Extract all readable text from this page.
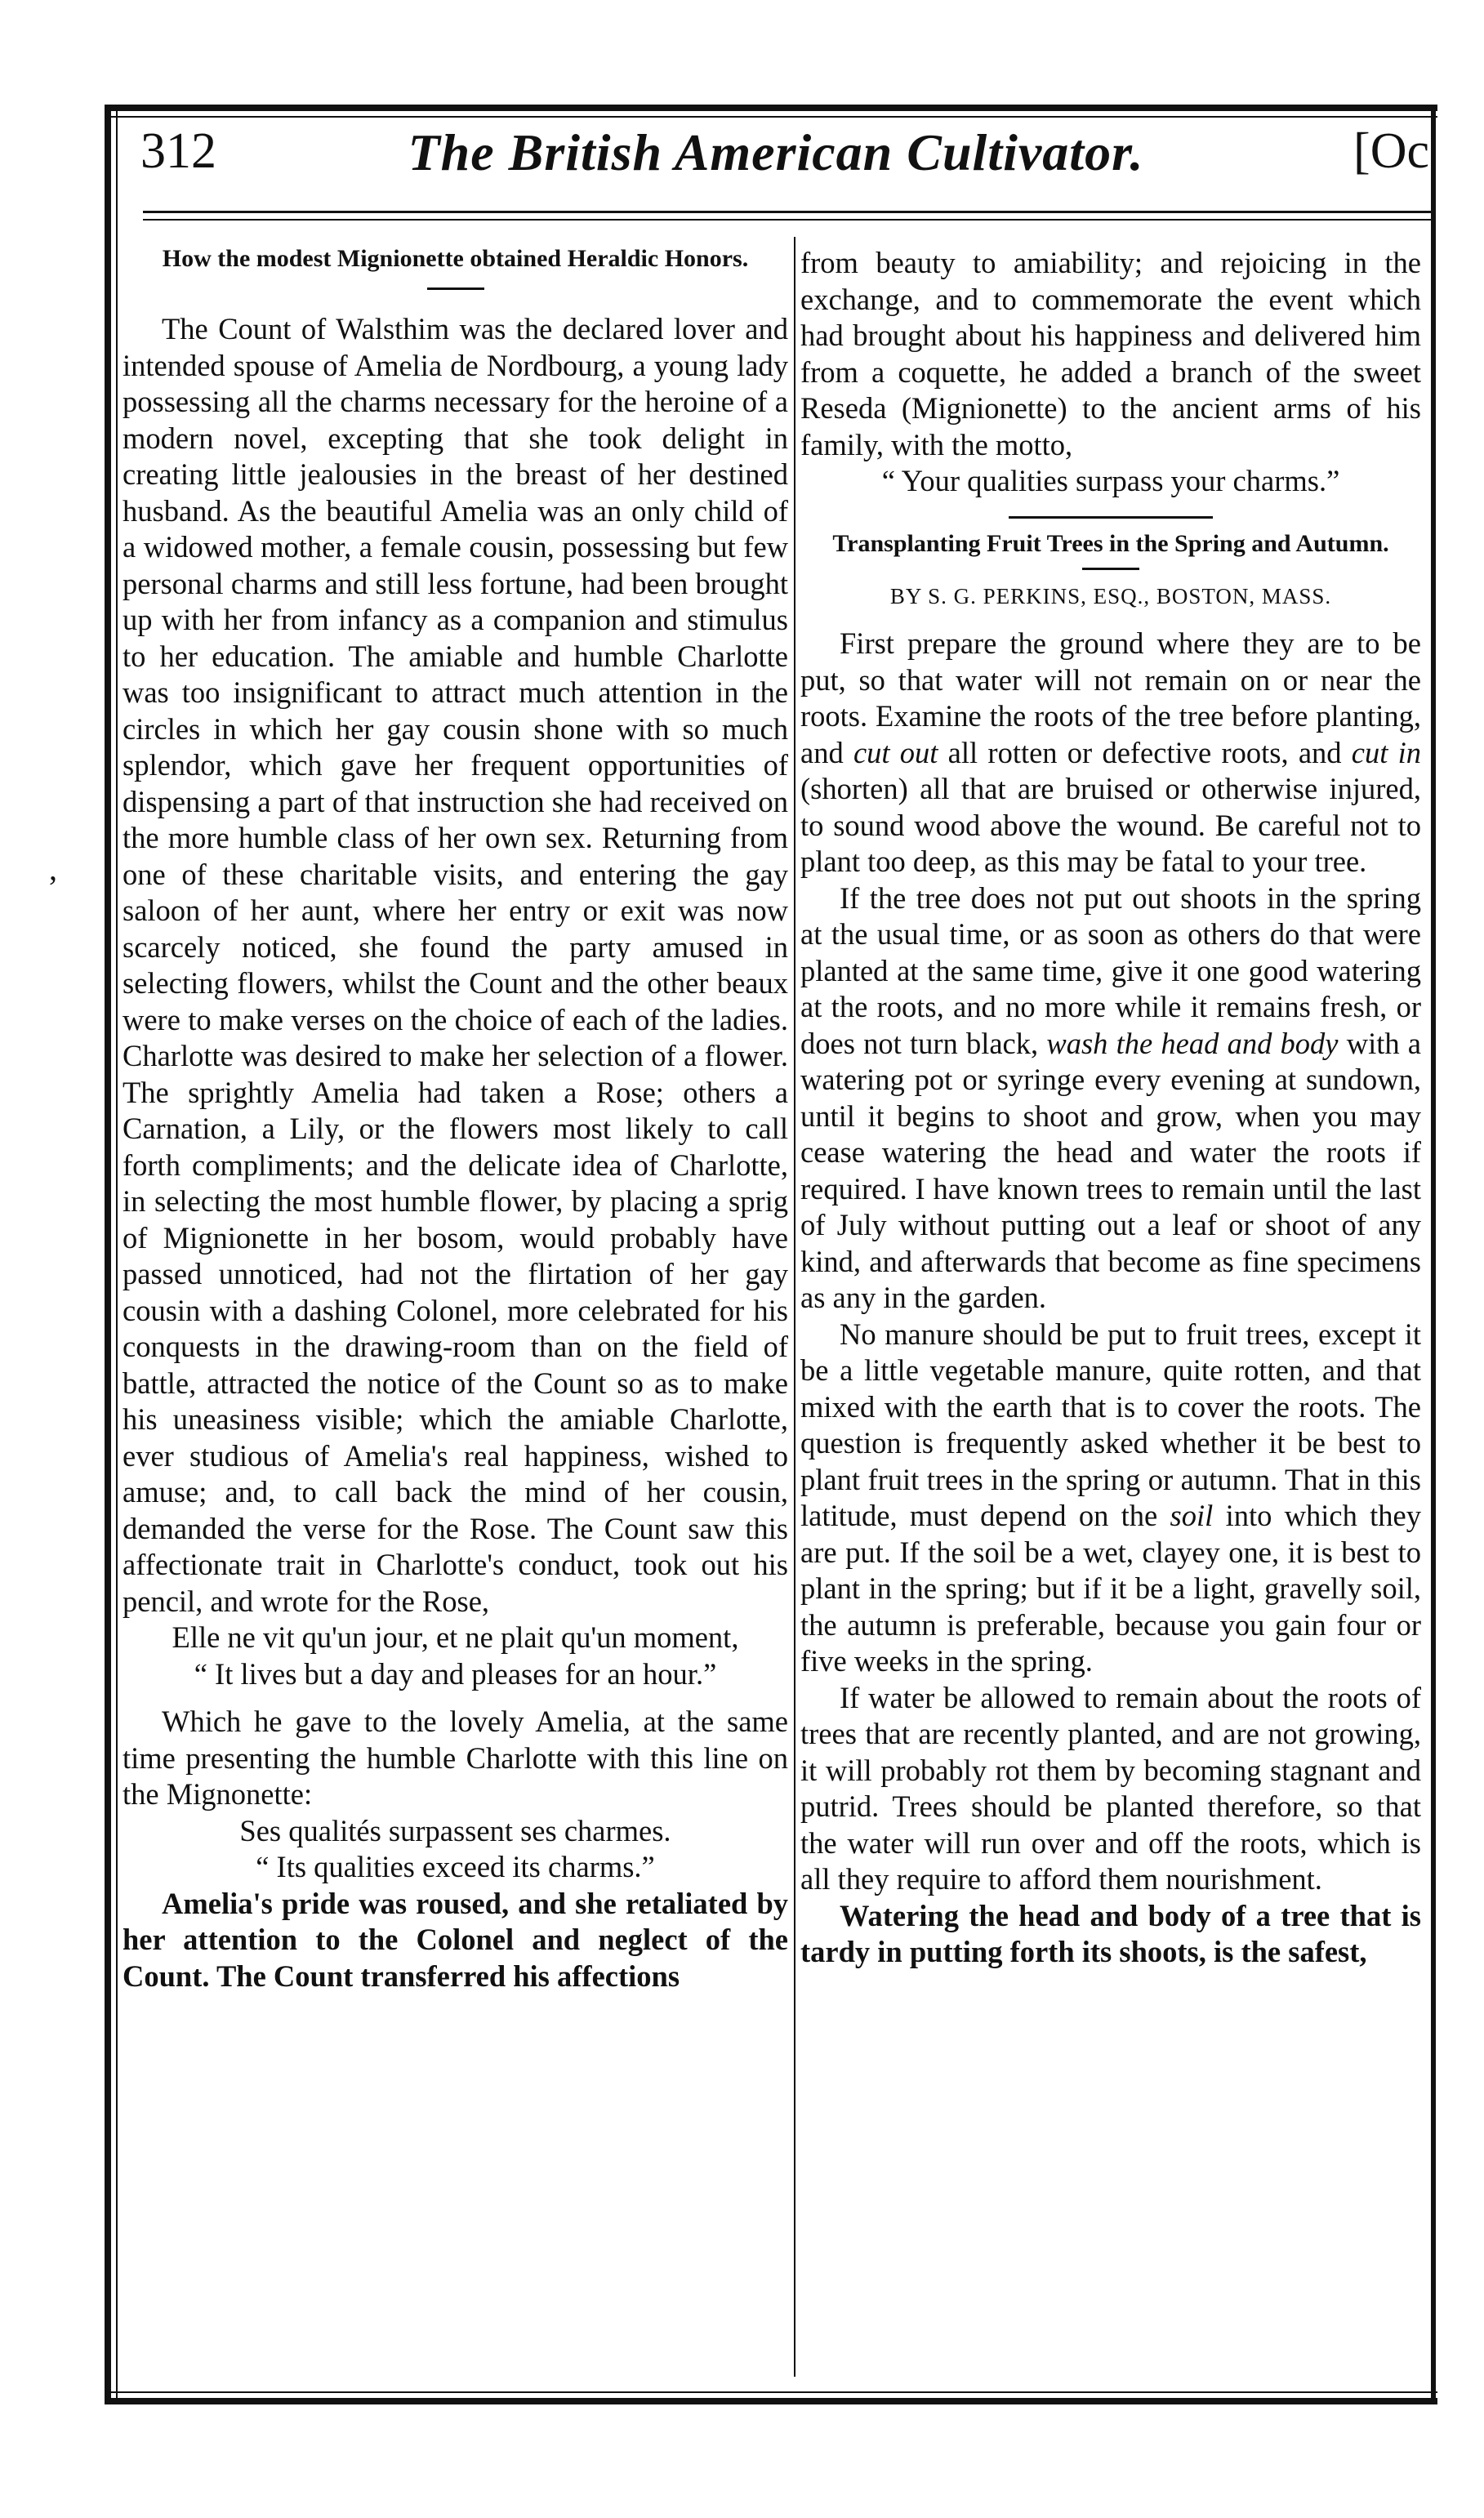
312	The British American Cultivator.	[Oc
,
How the modest Mignionette obtained Heraldic Honors.

The Count of Walsthim was the declared lover and intended spouse of Amelia de Nordbourg, a young lady possessing all the charms necessary for the heroine of a modern novel, excepting that she took delight in creating little jealousies in the breast of her destined husband. As the beautiful Amelia was an only child of a widowed mother, a female cousin, possessing but few personal charms and still less fortune, had been brought up with her from infancy as a companion and stimulus to her education. The amiable and humble Charlotte was too insignificant to attract much attention in the circles in which her gay cousin shone with so much splendor, which gave her frequent opportunities of dispensing a part of that instruction she had received on the more humble class of her own sex. Returning from one of these charitable visits, and entering the gay saloon of her aunt, where her entry or exit was now scarcely noticed, she found the party amused in selecting flowers, whilst the Count and the other beaux were to make verses on the choice of each of the ladies. Charlotte was desired to make her selection of a flower. The sprightly Amelia had taken a Rose; others a Carnation, a Lily, or the flowers most likely to call forth compliments; and the delicate idea of Charlotte, in selecting the most humble flower, by placing a sprig of Mignionette in her bosom, would probably have passed unnoticed, had not the flirtation of her gay cousin with a dashing Colonel, more celebrated for his conquests in the drawing-room than on the field of battle, attracted the notice of the Count so as to make his uneasiness visible; which the amiable Charlotte, ever studious of Amelia's real happiness, wished to amuse; and, to call back the mind of her cousin, demanded the verse for the Rose. The Count saw this affectionate trait in Charlotte's conduct, took out his pencil, and wrote for the Rose,

Elle ne vit qu'un jour, et ne plait qu'un moment,
“ It lives but a day and pleases for an hour.”

Which he gave to the lovely Amelia, at the same time presenting the humble Charlotte with this line on the Mignonette:

Ses qualités surpassent ses charmes.
“ Its qualities exceed its charms.”

Amelia's pride was roused, and she retaliated by her attention to the Colonel and neglect of the Count. The Count transferred his affections

from beauty to amiability; and rejoicing in the exchange, and to commemorate the event which had brought about his happiness and delivered him from a coquette, he added a branch of the sweet Reseda (Mignionette) to the ancient arms of his family, with the motto,

“ Your qualities surpass your charms.”

Transplanting Fruit Trees in the Spring and Autumn.
BY S. G. PERKINS, ESQ., BOSTON, MASS.

First prepare the ground where they are to be put, so that water will not remain on or near the roots. Examine the roots of the tree before planting, and cut out all rotten or defective roots, and cut in (shorten) all that are bruised or otherwise injured, to sound wood above the wound. Be careful not to plant too deep, as this may be fatal to your tree.

If the tree does not put out shoots in the spring at the usual time, or as soon as others do that were planted at the same time, give it one good watering at the roots, and no more while it remains fresh, or does not turn black, wash the head and body with a watering pot or syringe every evening at sundown, until it begins to shoot and grow, when you may cease watering the head and water the roots if required. I have known trees to remain until the last of July without putting out a leaf or shoot of any kind, and afterwards that become as fine specimens as any in the garden.

No manure should be put to fruit trees, except it be a little vegetable manure, quite rotten, and that mixed with the earth that is to cover the roots. The question is frequently asked whether it be best to plant fruit trees in the spring or autumn. That in this latitude, must depend on the soil into which they are put. If the soil be a wet, clayey one, it is best to plant in the spring; but if it be a light, gravelly soil, the autumn is preferable, because you gain four or five weeks in the spring.

If water be allowed to remain about the roots of trees that are recently planted, and are not growing, it will probably rot them by becoming stagnant and putrid. Trees should be planted therefore, so that the water will run over and off the roots, which is all they require to afford them nourishment.

Watering the head and body of a tree that is tardy in putting forth its shoots, is the safest,
